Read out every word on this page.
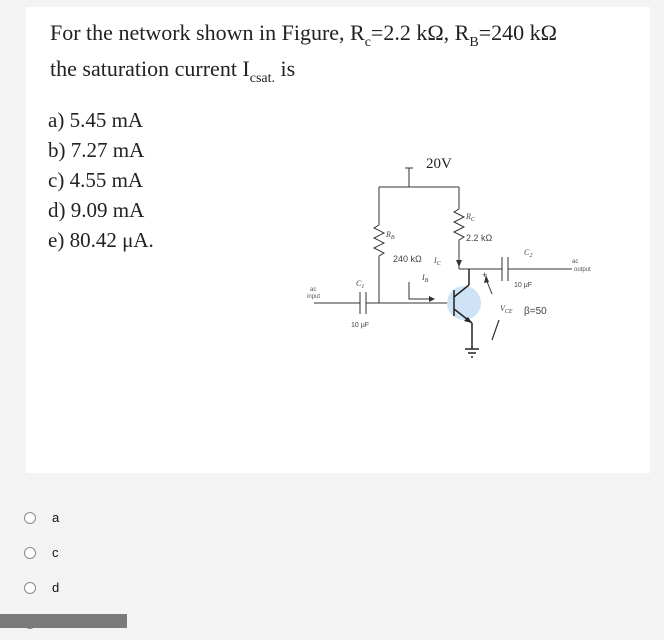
For the network shown in Figure, $R_c=2.2$ kΩ, $R_B=240$ kΩ
the saturation current $I_{csat.}$ is
a) 5.45 mA
b) 7.27 mA
c) 4.55 mA
d) 9.09 mA
e) 80.42 μA.
20V
$R_B$
240 kΩ
$R_C$
2.2 kΩ
$I_C$
$I_B$
$C_1$
10 μF
$C_2$
10 μF
ac
input
ac
output
+
$V_{CE}$ β=50
a
c
d
